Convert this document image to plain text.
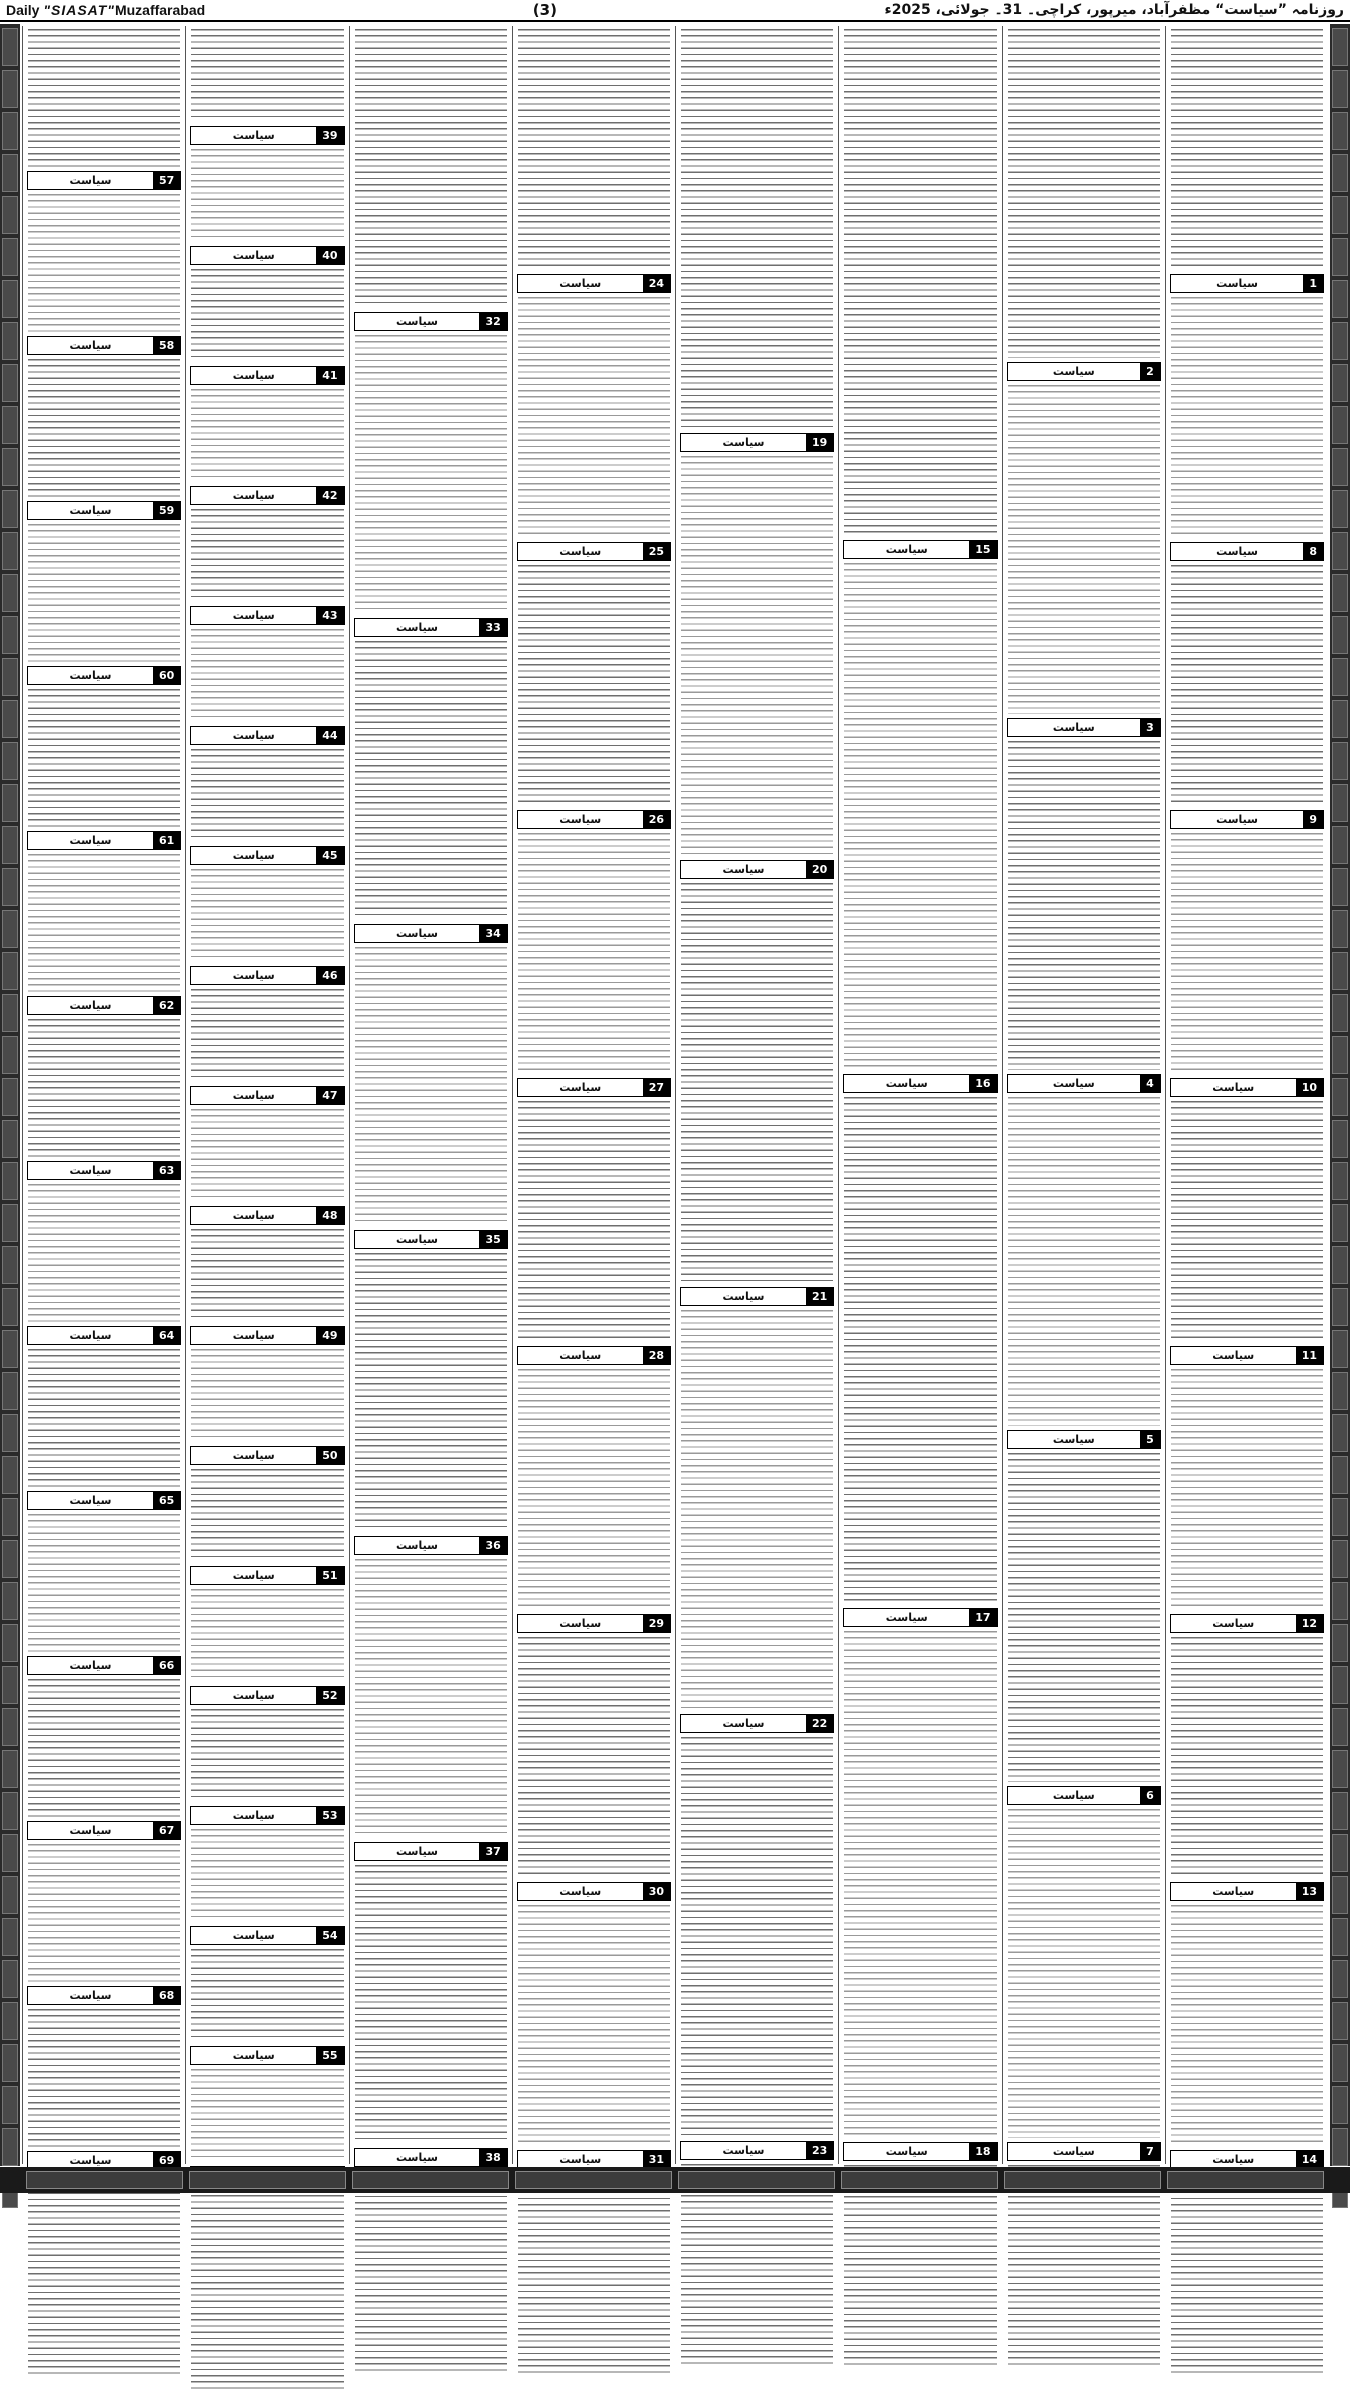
Daily "SIASAT"Muzaffarabad	(3)	روزنامہ ”سیاست“ مظفرآباد، میرپور، کراچی۔ 31۔ جولائی، 2025ء
1
سیاست
8
سیاست
9
سیاست
10
سیاست
11
سیاست
12
سیاست
13
سیاست
14
سیاست
2
سیاست
3
سیاست
4
سیاست
5
سیاست
6
سیاست
7
سیاست
15
سیاست
16
سیاست
17
سیاست
18
سیاست
19
سیاست
20
سیاست
21
سیاست
22
سیاست
23
سیاست
24
سیاست
25
سیاست
26
سیاست
27
سیاست
28
سیاست
29
سیاست
30
سیاست
31
سیاست
32
سیاست
33
سیاست
34
سیاست
35
سیاست
36
سیاست
37
سیاست
38
سیاست
39
سیاست
40
سیاست
41
سیاست
42
سیاست
43
سیاست
44
سیاست
45
سیاست
46
سیاست
47
سیاست
48
سیاست
49
سیاست
50
سیاست
51
سیاست
52
سیاست
53
سیاست
54
سیاست
55
سیاست
57
سیاست
58
سیاست
59
سیاست
60
سیاست
61
سیاست
62
سیاست
63
سیاست
64
سیاست
65
سیاست
66
سیاست
67
سیاست
68
سیاست
69
سیاست
